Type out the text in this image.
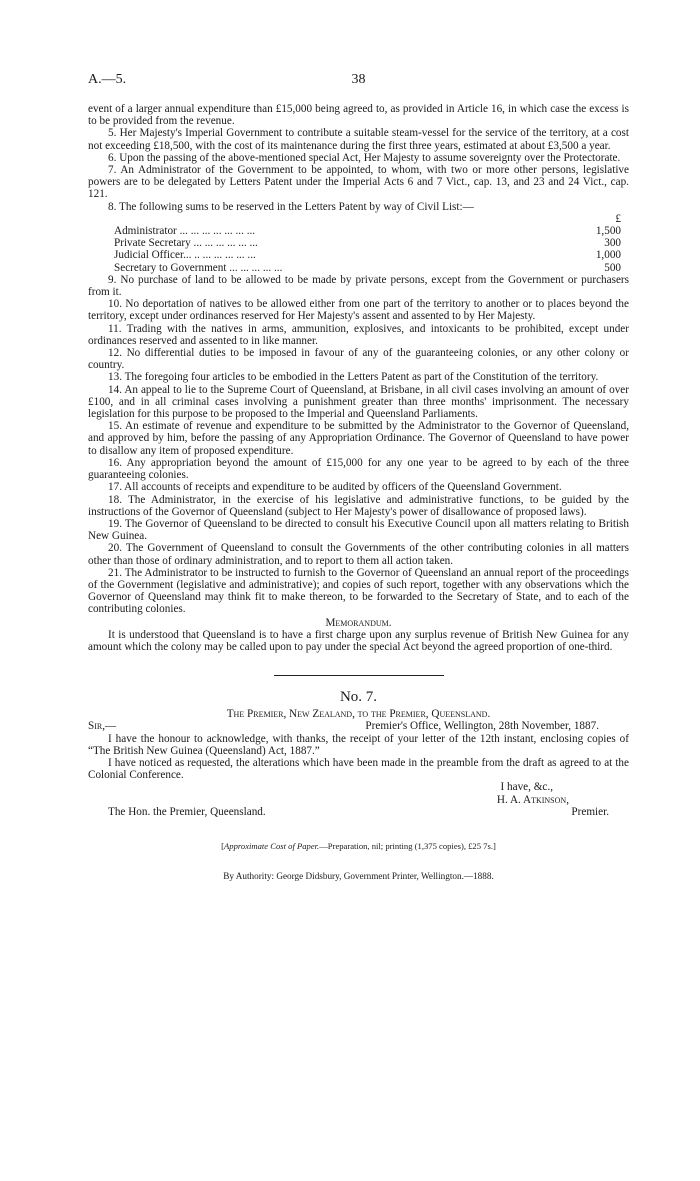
A.—5.	38

event of a larger annual expenditure than £15,000 being agreed to, as provided in Article 16, in which case the excess is to be provided from the revenue.

5. Her Majesty's Imperial Government to contribute a suitable steam-vessel for the service of the territory, at a cost not exceeding £18,500, with the cost of its maintenance during the first three years, estimated at about £3,500 a year.

6. Upon the passing of the above-mentioned special Act, Her Majesty to assume sovereignty over the Protectorate.

7. An Administrator of the Government to be appointed, to whom, with two or more other persons, legislative powers are to be delegated by Letters Patent under the Imperial Acts 6 and 7 Vict., cap. 13, and 23 and 24 Vict., cap. 121.

8. The following sums to be reserved in the Letters Patent by way of Civil List:—

£
Administrator ... ... ... ... ... ... ...	1,500
Private Secretary ... ... ... ... ... ...	300
Judicial Officer... .. ... ... ... ... ...	1,000
Secretary to Government ... ... ... ... ...	500

9. No purchase of land to be allowed to be made by private persons, except from the Government or purchasers from it.

10. No deportation of natives to be allowed either from one part of the territory to another or to places beyond the territory, except under ordinances reserved for Her Majesty's assent and assented to by Her Majesty.

11. Trading with the natives in arms, ammunition, explosives, and intoxicants to be prohibited, except under ordinances reserved and assented to in like manner.

12. No differential duties to be imposed in favour of any of the guaranteeing colonies, or any other colony or country.

13. The foregoing four articles to be embodied in the Letters Patent as part of the Constitution of the territory.

14. An appeal to lie to the Supreme Court of Queensland, at Brisbane, in all civil cases involving an amount of over £100, and in all criminal cases involving a punishment greater than three months' imprisonment. The necessary legislation for this purpose to be proposed to the Imperial and Queensland Parliaments.

15. An estimate of revenue and expenditure to be submitted by the Administrator to the Governor of Queensland, and approved by him, before the passing of any Appropriation Ordinance. The Governor of Queensland to have power to disallow any item of proposed expenditure.

16. Any appropriation beyond the amount of £15,000 for any one year to be agreed to by each of the three guaranteeing colonies.

17. All accounts of receipts and expenditure to be audited by officers of the Queensland Government.

18. The Administrator, in the exercise of his legislative and administrative functions, to be guided by the instructions of the Governor of Queensland (subject to Her Majesty's power of disallowance of proposed laws).

19. The Governor of Queensland to be directed to consult his Executive Council upon all matters relating to British New Guinea.

20. The Government of Queensland to consult the Governments of the other contributing colonies in all matters other than those of ordinary administration, and to report to them all action taken.

21. The Administrator to be instructed to furnish to the Governor of Queensland an annual report of the proceedings of the Government (legislative and administrative); and copies of such report, together with any observations which the Governor of Queensland may think fit to make thereon, to be forwarded to the Secretary of State, and to each of the contributing colonies.

Memorandum.

It is understood that Queensland is to have a first charge upon any surplus revenue of British New Guinea for any amount which the colony may be called upon to pay under the special Act beyond the agreed proportion of one-third.

No. 7.
The Premier, New Zealand, to the Premier, Queensland.
Sir,—	Premier's Office, Wellington, 28th November, 1887.

I have the honour to acknowledge, with thanks, the receipt of your letter of the 12th instant, enclosing copies of “The British New Guinea (Queensland) Act, 1887.”

I have noticed as requested, the alterations which have been made in the preamble from the draft as agreed to at the Colonial Conference.

I have, &c.,
H. A. Atkinson,
The Hon. the Premier, Queensland.	Premier.
[Approximate Cost of Paper.—Preparation, nil; printing (1,375 copies), £25 7s.]
By Authority: George Didsbury, Government Printer, Wellington.—1888.
